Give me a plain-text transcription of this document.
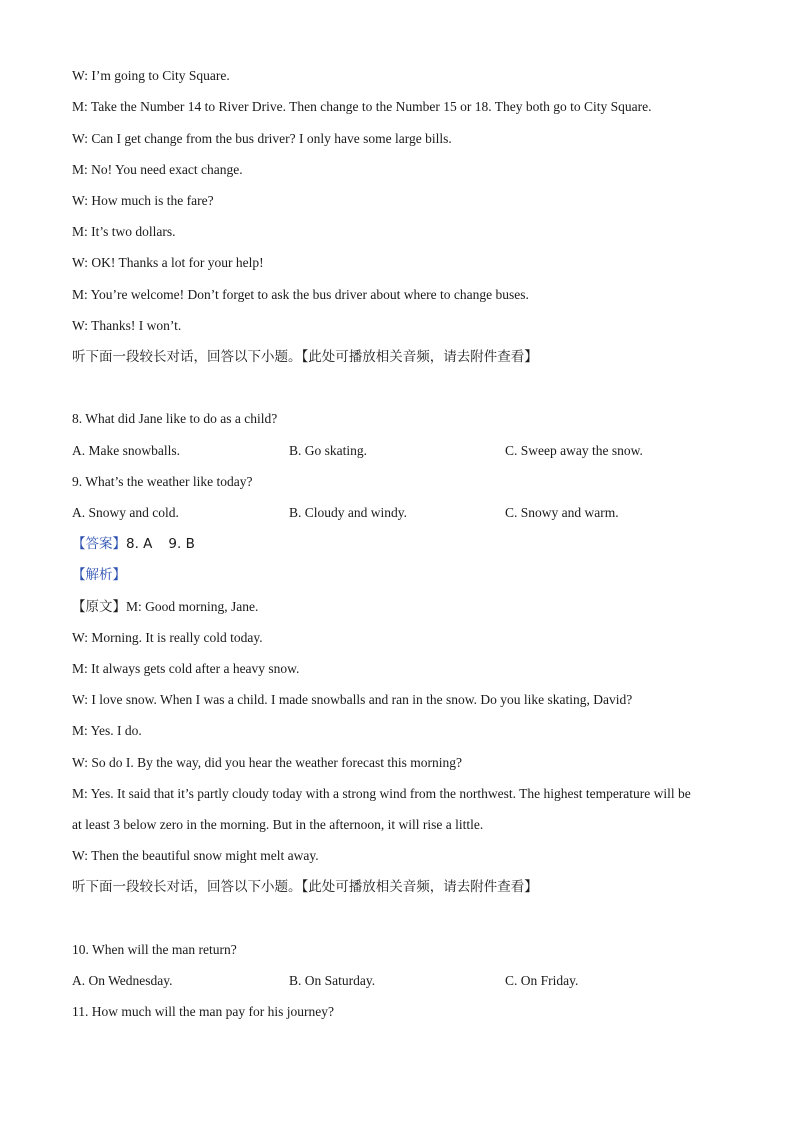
W: I’m going to City Square.
M: Take the Number 14 to River Drive. Then change to the Number 15 or 18. They both go to City Square.
W: Can I get change from the bus driver? I only have some large bills.
M: No! You need exact change.
W: How much is the fare?
M: It’s two dollars.
W: OK! Thanks a lot for your help!
M: You’re welcome! Don’t forget to ask the bus driver about where to change buses.
W: Thanks! I won’t.
听下面一段较长对话，回答以下小题。【此处可播放相关音频，请去附件查看】
8. What did Jane like to do as a child?
A. Make snowballs.	B. Go skating.	C. Sweep away the snow.
9. What’s the weather like today?
A. Snowy and cold.	B. Cloudy and windy.	C. Snowy and warm.
【答案】8. A 9. B
【解析】
【原文】M: Good morning, Jane.
W: Morning. It is really cold today.
M: It always gets cold after a heavy snow.
W: I love snow. When I was a child. I made snowballs and ran in the snow. Do you like skating, David?
M: Yes. I do.
W: So do I. By the way, did you hear the weather forecast this morning?
M: Yes. It said that it’s partly cloudy today with a strong wind from the northwest. The highest temperature will be
at least 3 below zero in the morning. But in the afternoon, it will rise a little.
W: Then the beautiful snow might melt away.
听下面一段较长对话，回答以下小题。【此处可播放相关音频，请去附件查看】
10. When will the man return?
A. On Wednesday.	B. On Saturday.	C. On Friday.
11. How much will the man pay for his journey?
